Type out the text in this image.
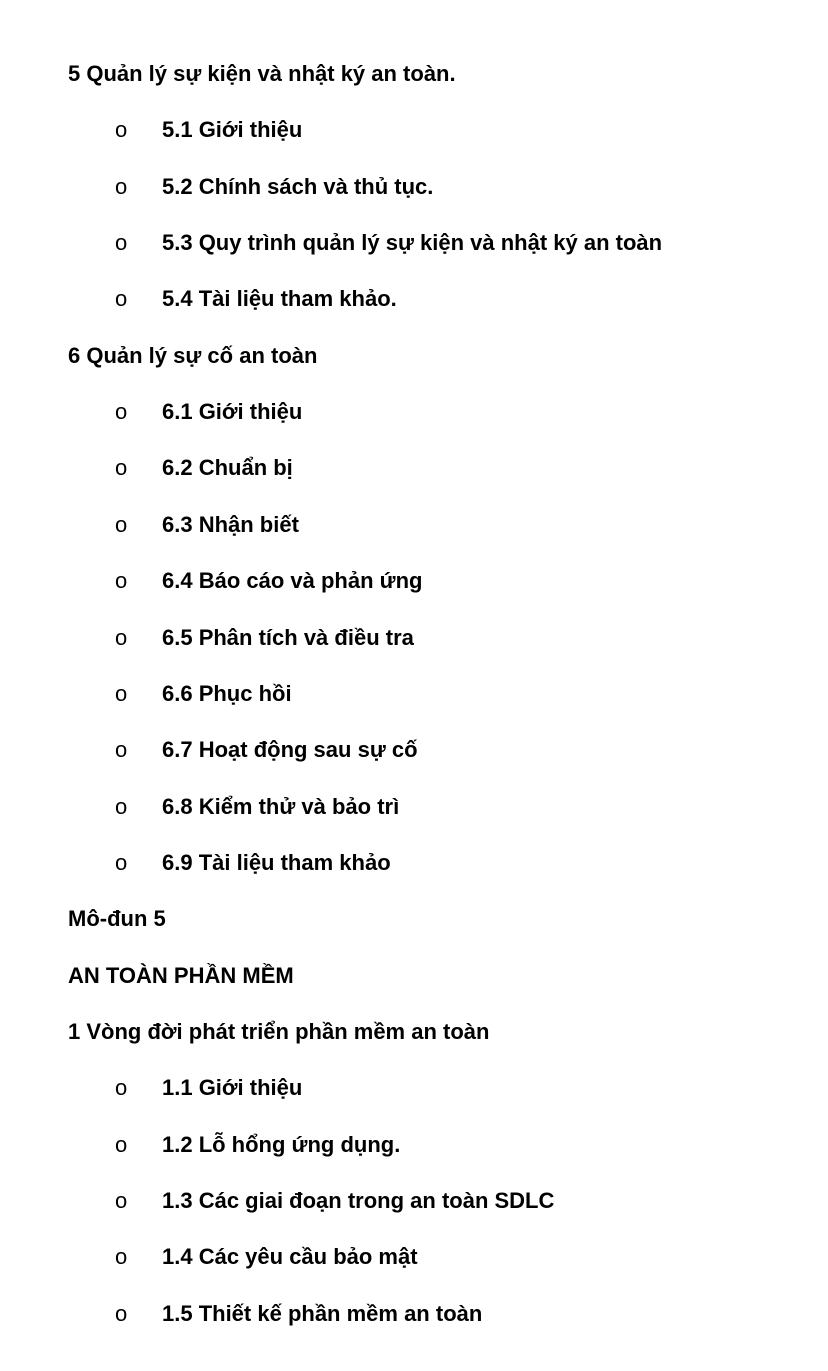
5 Quản lý sự kiện và nhật ký an toàn.
o 5.1 Giới thiệu
o 5.2 Chính sách và thủ tục.
o 5.3 Quy trình quản lý sự kiện và nhật ký an toàn
o 5.4 Tài liệu tham khảo.
6 Quản lý sự cố an toàn
o 6.1 Giới thiệu
o 6.2 Chuẩn bị
o 6.3 Nhận biết
o 6.4 Báo cáo và phản ứng
o 6.5 Phân tích và điều tra
o 6.6 Phục hồi
o 6.7 Hoạt động sau sự cố
o 6.8 Kiểm thử và bảo trì
o 6.9 Tài liệu tham khảo
Mô-đun 5
AN TOÀN PHẦN MỀM
1 Vòng đời phát triển phần mềm an toàn
o 1.1 Giới thiệu
o 1.2 Lỗ hổng ứng dụng.
o 1.3 Các giai đoạn trong an toàn SDLC
o 1.4 Các yêu cầu bảo mật
o 1.5 Thiết kế phần mềm an toàn
